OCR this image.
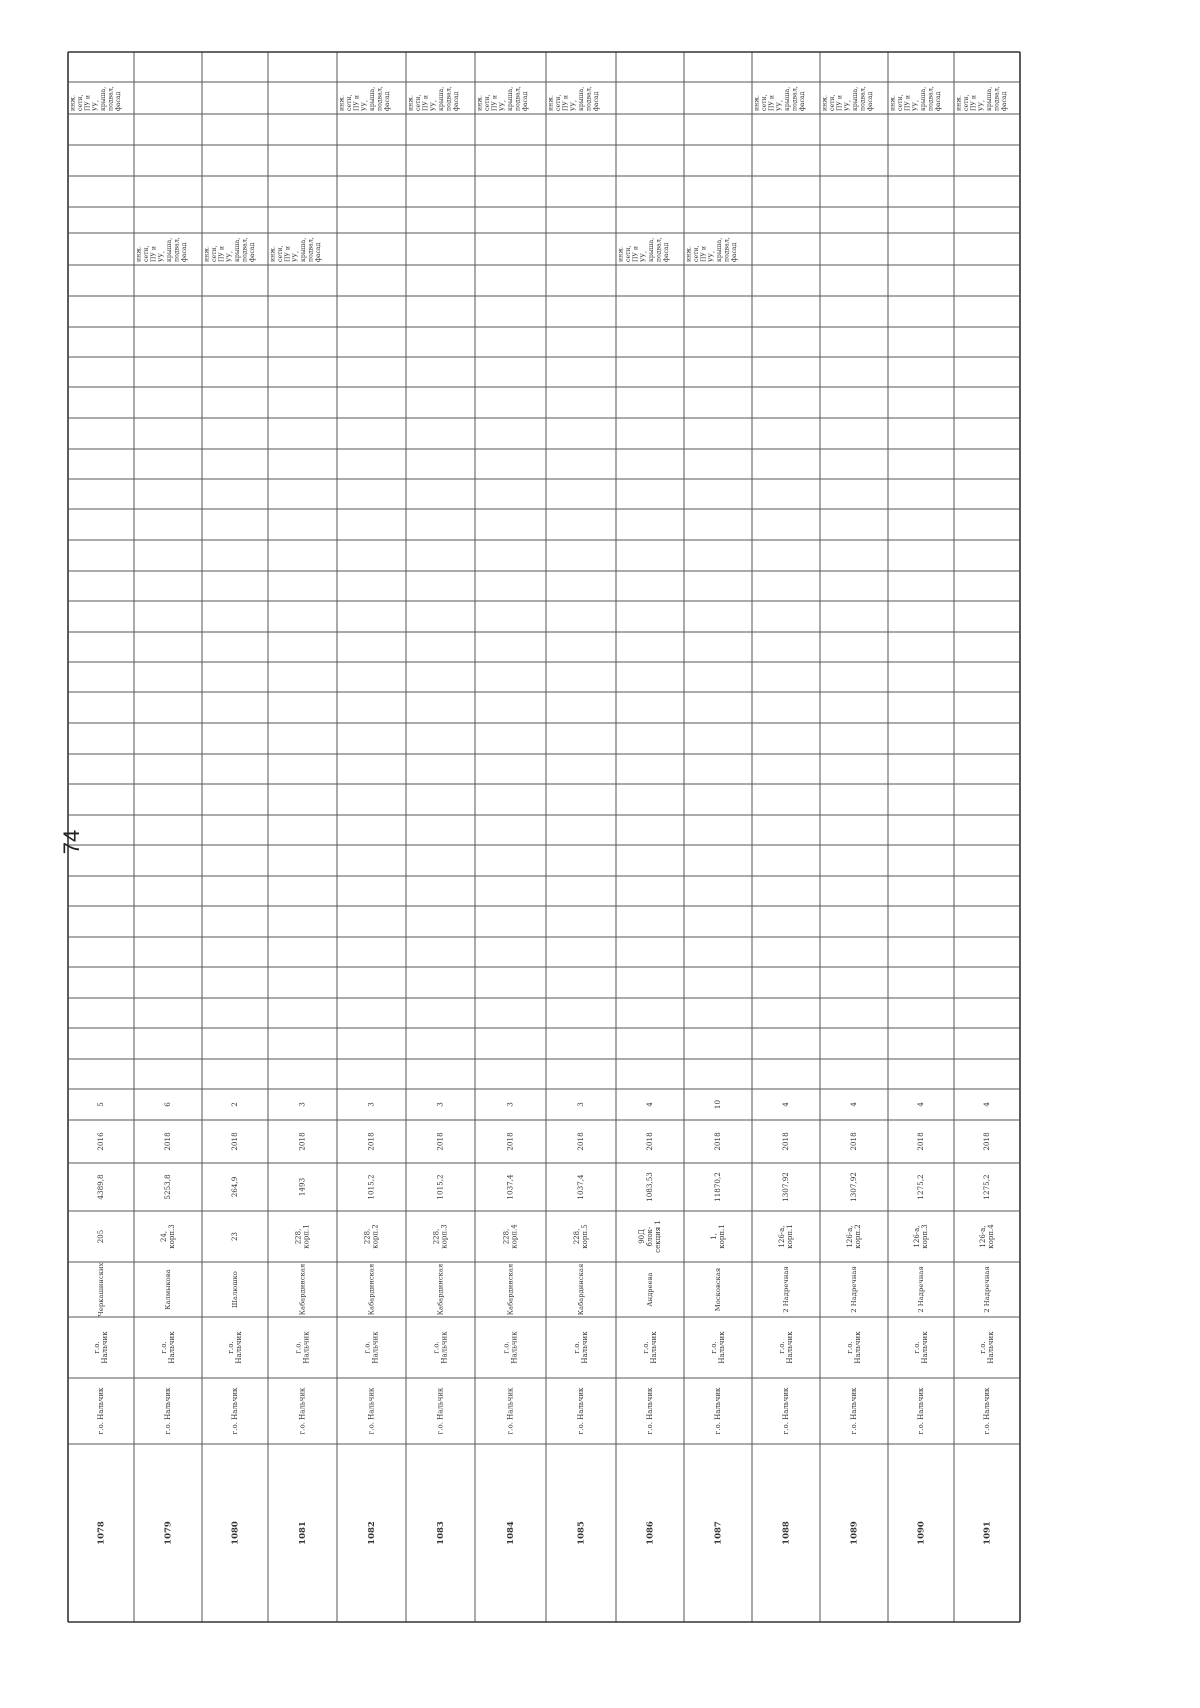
1078
г.о. Нальчик
г.о. Нальчик
Черкашинских
205
4389,8
2016
5
инж. сети, ПУ и УУ, крыша, подвал, фасад
1079
г.о. Нальчик
г.о. Нальчик
Калмыкова
24, корп.3
5253,8
2018
6
инж. сети, ПУ и УУ, крыша, подвал, фасад
1080
г.о. Нальчик
г.о. Нальчик
Шалюшко
23
264,9
2018
2
инж. сети, ПУ и УУ, крыша, подвал, фасад
1081
г.о. Нальчик
г.о. Нальчик
Кабардинская
228, корп.1
1493
2018
3
инж. сети, ПУ и УУ, крыша, подвал, фасад
1082
г.о. Нальчик
г.о. Нальчик
Кабардинская
228, корп.2
1015,2
2018
3
инж. сети, ПУ и УУ, крыша, подвал, фасад
1083
г.о. Нальчик
г.о. Нальчик
Кабардинская
228, корп.3
1015,2
2018
3
инж. сети, ПУ и УУ, крыша, подвал, фасад
1084
г.о. Нальчик
г.о. Нальчик
Кабардинская
228, корп.4
1037,4
2018
3
инж. сети, ПУ и УУ, крыша, подвал, фасад
1085
г.о. Нальчик
г.о. Нальчик
Кабардинская
228, корп.5
1037,4
2018
3
инж. сети, ПУ и УУ, крыша, подвал, фасад
1086
г.о. Нальчик
г.о. Нальчик
Андреева
90Д блок- секция 1
1083,53
2018
4
инж. сети, ПУ и УУ, крыша, подвал, фасад
1087
г.о. Нальчик
г.о. Нальчик
Московская
1, корп.1
11870,2
2018
10
инж. сети, ПУ и УУ, крыша, подвал, фасад
1088
г.о. Нальчик
г.о. Нальчик
2 Надречная
126-а, корп.1
1307,92
2018
4
инж. сети, ПУ и УУ, крыша, подвал, фасад
1089
г.о. Нальчик
г.о. Нальчик
2 Надречная
126-а, корп.2
1307,92
2018
4
инж. сети, ПУ и УУ, крыша, подвал, фасад
1090
г.о. Нальчик
г.о. Нальчик
2 Надречная
126-а, корп.3
1275,2
2018
4
инж. сети, ПУ и УУ, крыша, подвал, фасад
1091
г.о. Нальчик
г.о. Нальчик
2 Надречная
126-а, корп.4
1275,2
2018
4
инж. сети, ПУ и УУ, крыша, подвал, фасад
74
